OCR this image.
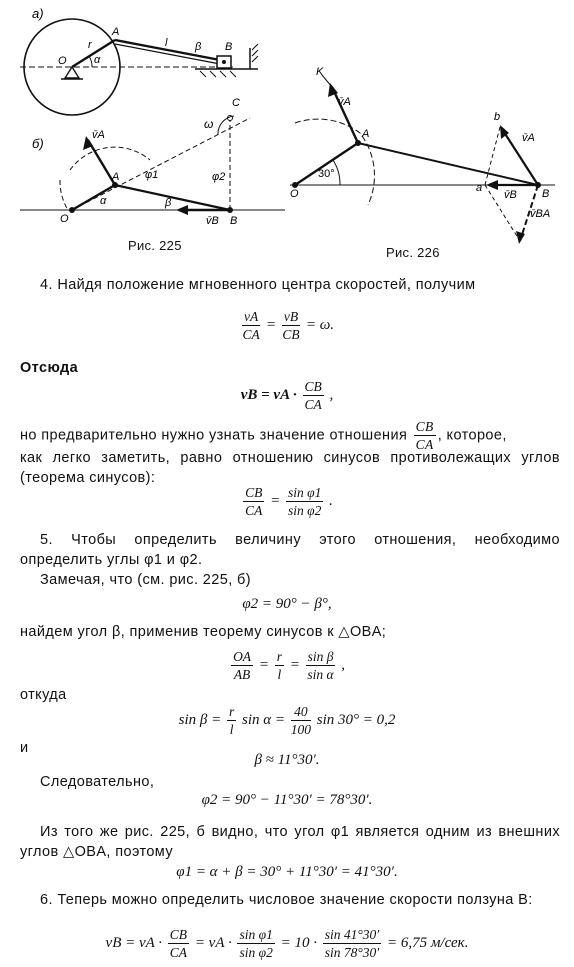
а)
O
A
r	l	β B
α
б)
ω
C
O
A
B
v̄A
v̄B
α	β
φ1	φ2
Рис. 225
K
v̄A
A
30°
O	B
b
a
v̄A
v̄B
v̄BA
Рис. 226
4. Найдя положение мгновенного центра скоростей, получим
$\frac{vA}{CA} = \frac{vB}{CB} = \omega$.
Отсюда
vB = vA · $\frac{CB}{CA}$ ,
но предварительно нужно узнать значение отношения $\frac{CB}{CA}$ , которое,
как легко заметить, равно отношению синусов противолежащих углов (теорема синусов):
$\frac{CB}{CA} = \frac{\text{sin φ1}}{\text{sin φ2}}$ .
5. Чтобы определить величину этого отношения, необходимо определить углы φ1 и φ2.
Замечая, что (см. рис. 225, б)
φ2 = 90° − β°,
найдем угол β, применив теорему синусов к △OBA;
$\frac{OA}{AB} = \frac{r}{l} = \frac{\text{sin β}}{\text{sin α}}$ ,
откуда
$\sin \beta = \frac{r}{l}$ $\sin \alpha = \frac{40}{100}$ sin 30° = 0,2
и
β ≈ 11°30′.
Следовательно,
φ2 = 90° − 11°30′ = 78°30′.
Из того же рис. 225, б видно, что угол φ1 является одним из внешних углов △OBA, поэтому
φ1 = α + β = 30° + 11°30′ = 41°30′.
6. Теперь можно определить числовое значение скорости ползуна B:
vB = vA · $\frac{CB}{CA}$ = vA · $\frac{\text{sin φ1}}{\text{sin φ2}} = 10 \cdot \frac{\sin 41^\circ 30'}{\sin 78^\circ 30'} = 6,75$ м/сек.
